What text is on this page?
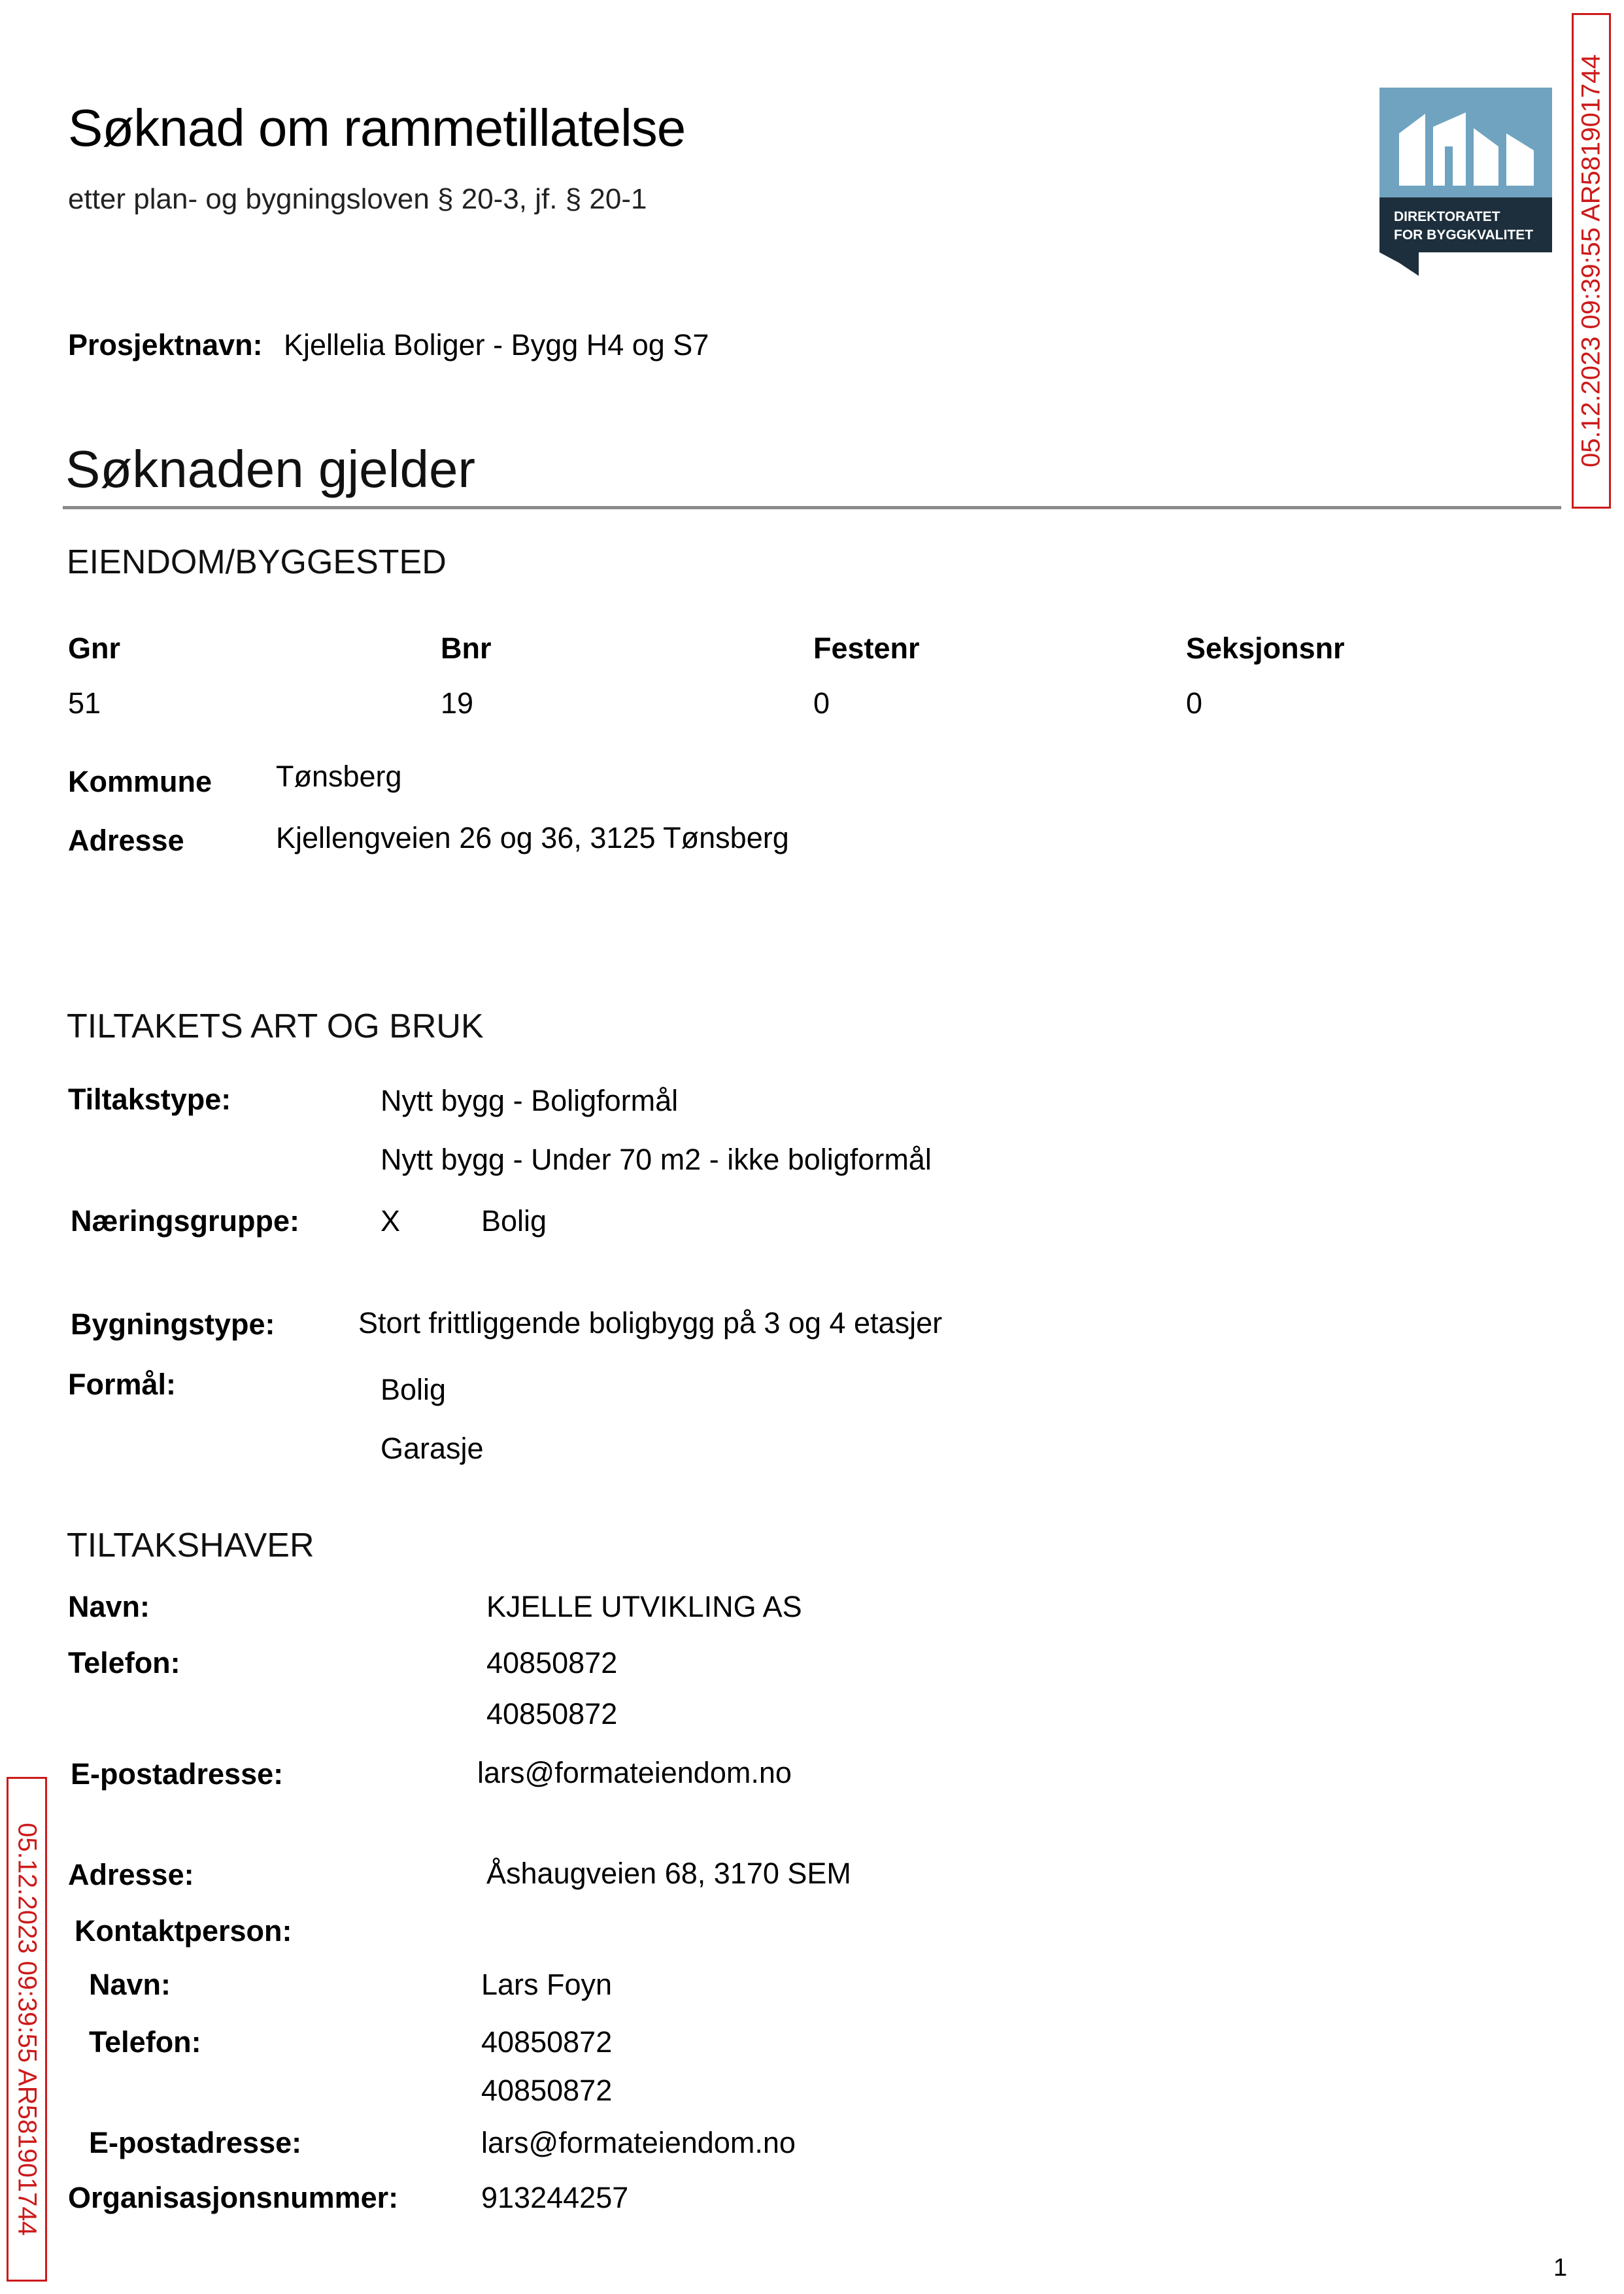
05.12.2023 09:39:55 AR581901744
05.12.2023 09:39:55 AR581901744
DIREKTORATET
FOR BYGGKVALITET
Søknad om rammetillatelse
etter plan- og bygningsloven § 20-3, jf. § 20-1
Prosjektnavn: Kjellelia Boliger - Bygg H4 og S7
Søknaden gjelder
EIENDOM/BYGGESTED
Gnr	Bnr	Festenr	Seksjonsnr
51	19	0	0
Kommune Tønsberg
Adresse	Kjellengveien 26 og 36, 3125 Tønsberg
TILTAKETS ART OG BRUK
Tiltakstype:	Nytt bygg - Boligformål
Nytt bygg - Under 70 m2 - ikke boligformål
Næringsgruppe:	X	Bolig
Bygningstype:	Stort frittliggende boligbygg på 3 og 4 etasjer
Formål:	Bolig
Garasje
TILTAKSHAVER
Navn:	KJELLE UTVIKLING AS
Telefon:	40850872
40850872
E-postadresse:	lars@formateiendom.no
Adresse:	Åshaugveien 68, 3170 SEM
Kontaktperson:
Navn:	Lars Foyn
Telefon:	40850872
40850872
E-postadresse:	lars@formateiendom.no
Organisasjonsnummer:	913244257
1
